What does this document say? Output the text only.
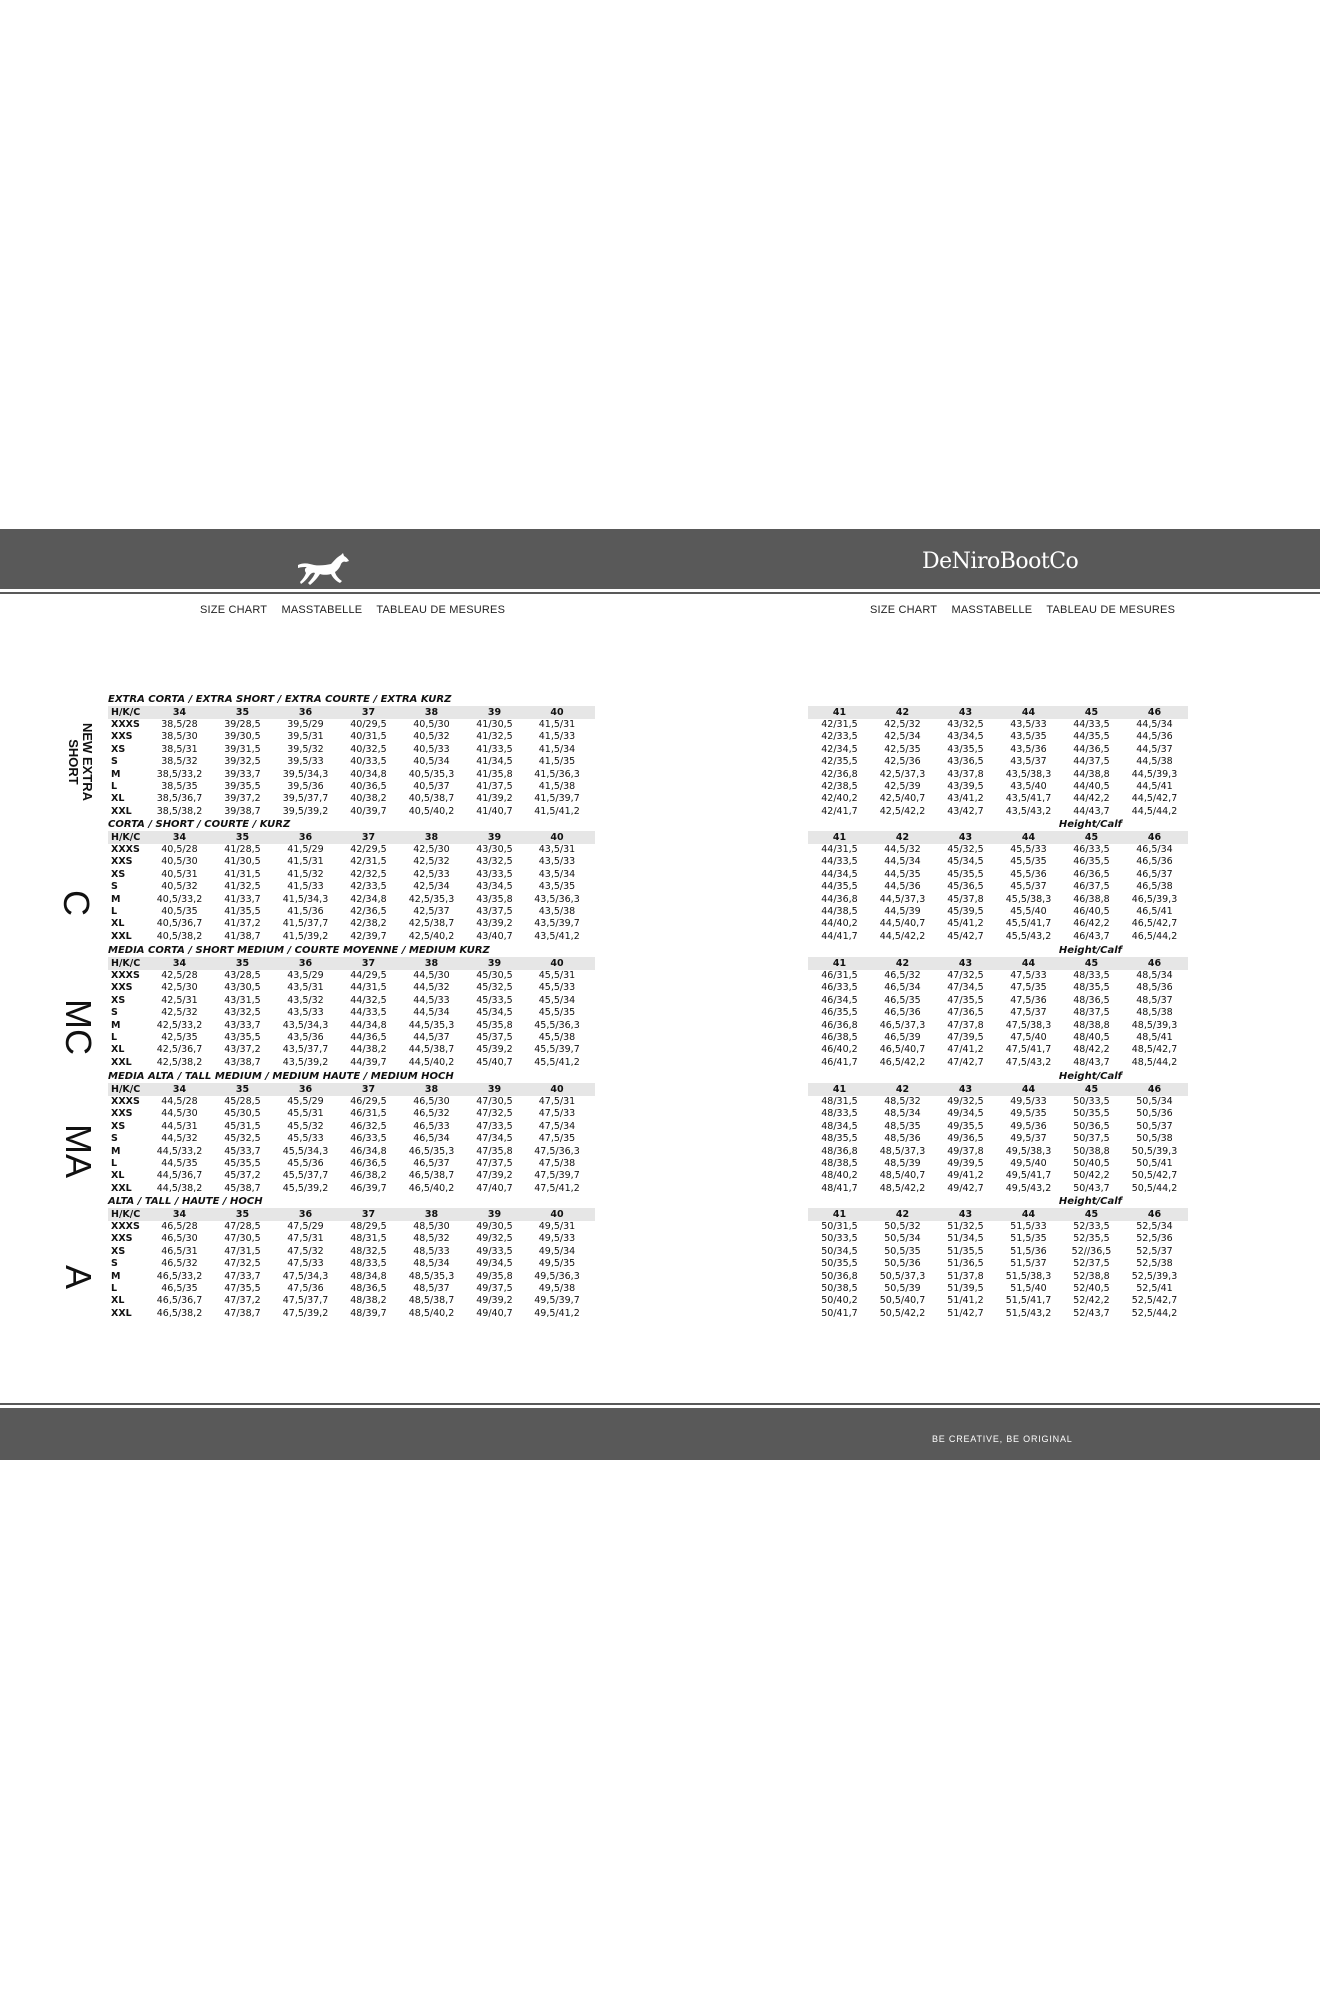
DeNiroBootCo
SIZE CHART MASSTABELLE TABLEAU DE MESURES	SIZE CHART MASSTABELLE TABLEAU DE MESURES
NEW EXTRA SHORT
C
MC
MA
A
EXTRA CORTA / EXTRA SHORT / EXTRA COURTE / EXTRA KURZ
H/K/C	34	35	36	37	38	39	40
XXXS	38,5/28	39/28,5	39,5/29	40/29,5	40,5/30	41/30,5	41,5/31
XXS	38,5/30	39/30,5	39,5/31	40/31,5	40,5/32	41/32,5	41,5/33
XS	38,5/31	39/31,5	39,5/32	40/32,5	40,5/33	41/33,5	41,5/34
S	38,5/32	39/32,5	39,5/33	40/33,5	40,5/34	41/34,5	41,5/35
M	38,5/33,2	39/33,7	39,5/34,3	40/34,8	40,5/35,3	41/35,8	41,5/36,3
L	38,5/35	39/35,5	39,5/36	40/36,5	40,5/37	41/37,5	41,5/38
XL	38,5/36,7	39/37,2	39,5/37,7	40/38,2	40,5/38,7	41/39,2	41,5/39,7
XXL	38,5/38,2	39/38,7	39,5/39,2	40/39,7	40,5/40,2	41/40,7	41,5/41,2
41	42	43	44	45	46
42/31,5	42,5/32	43/32,5	43,5/33	44/33,5	44,5/34
42/33,5	42,5/34	43/34,5	43,5/35	44/35,5	44,5/36
42/34,5	42,5/35	43/35,5	43,5/36	44/36,5	44,5/37
42/35,5	42,5/36	43/36,5	43,5/37	44/37,5	44,5/38
42/36,8	42,5/37,3	43/37,8	43,5/38,3	44/38,8	44,5/39,3
42/38,5	42,5/39	43/39,5	43,5/40	44/40,5	44,5/41
42/40,2	42,5/40,7	43/41,2	43,5/41,7	44/42,2	44,5/42,7
42/41,7	42,5/42,2	43/42,7	43,5/43,2	44/43,7	44,5/44,2
CORTA / SHORT / COURTE / KURZ
H/K/C	34	35	36	37	38	39	40
XXXS	40,5/28	41/28,5	41,5/29	42/29,5	42,5/30	43/30,5	43,5/31
XXS	40,5/30	41/30,5	41,5/31	42/31,5	42,5/32	43/32,5	43,5/33
XS	40,5/31	41/31,5	41,5/32	42/32,5	42,5/33	43/33,5	43,5/34
S	40,5/32	41/32,5	41,5/33	42/33,5	42,5/34	43/34,5	43,5/35
M	40,5/33,2	41/33,7	41,5/34,3	42/34,8	42,5/35,3	43/35,8	43,5/36,3
L	40,5/35	41/35,5	41,5/36	42/36,5	42,5/37	43/37,5	43,5/38
XL	40,5/36,7	41/37,2	41,5/37,7	42/38,2	42,5/38,7	43/39,2	43,5/39,7
XXL	40,5/38,2	41/38,7	41,5/39,2	42/39,7	42,5/40,2	43/40,7	43,5/41,2
Height/Calf
41	42	43	44	45	46
44/31,5	44,5/32	45/32,5	45,5/33	46/33,5	46,5/34
44/33,5	44,5/34	45/34,5	45,5/35	46/35,5	46,5/36
44/34,5	44,5/35	45/35,5	45,5/36	46/36,5	46,5/37
44/35,5	44,5/36	45/36,5	45,5/37	46/37,5	46,5/38
44/36,8	44,5/37,3	45/37,8	45,5/38,3	46/38,8	46,5/39,3
44/38,5	44,5/39	45/39,5	45,5/40	46/40,5	46,5/41
44/40,2	44,5/40,7	45/41,2	45,5/41,7	46/42,2	46,5/42,7
44/41,7	44,5/42,2	45/42,7	45,5/43,2	46/43,7	46,5/44,2
MEDIA CORTA / SHORT MEDIUM / COURTE MOYENNE / MEDIUM KURZ
H/K/C	34	35	36	37	38	39	40
XXXS	42,5/28	43/28,5	43,5/29	44/29,5	44,5/30	45/30,5	45,5/31
XXS	42,5/30	43/30,5	43,5/31	44/31,5	44,5/32	45/32,5	45,5/33
XS	42,5/31	43/31,5	43,5/32	44/32,5	44,5/33	45/33,5	45,5/34
S	42,5/32	43/32,5	43,5/33	44/33,5	44,5/34	45/34,5	45,5/35
M	42,5/33,2	43/33,7	43,5/34,3	44/34,8	44,5/35,3	45/35,8	45,5/36,3
L	42,5/35	43/35,5	43,5/36	44/36,5	44,5/37	45/37,5	45,5/38
XL	42,5/36,7	43/37,2	43,5/37,7	44/38,2	44,5/38,7	45/39,2	45,5/39,7
XXL	42,5/38,2	43/38,7	43,5/39,2	44/39,7	44,5/40,2	45/40,7	45,5/41,2
Height/Calf
41	42	43	44	45	46
46/31,5	46,5/32	47/32,5	47,5/33	48/33,5	48,5/34
46/33,5	46,5/34	47/34,5	47,5/35	48/35,5	48,5/36
46/34,5	46,5/35	47/35,5	47,5/36	48/36,5	48,5/37
46/35,5	46,5/36	47/36,5	47,5/37	48/37,5	48,5/38
46/36,8	46,5/37,3	47/37,8	47,5/38,3	48/38,8	48,5/39,3
46/38,5	46,5/39	47/39,5	47,5/40	48/40,5	48,5/41
46/40,2	46,5/40,7	47/41,2	47,5/41,7	48/42,2	48,5/42,7
46/41,7	46,5/42,2	47/42,7	47,5/43,2	48/43,7	48,5/44,2
MEDIA ALTA / TALL MEDIUM / MEDIUM HAUTE / MEDIUM HOCH
H/K/C	34	35	36	37	38	39	40
XXXS	44,5/28	45/28,5	45,5/29	46/29,5	46,5/30	47/30,5	47,5/31
XXS	44,5/30	45/30,5	45,5/31	46/31,5	46,5/32	47/32,5	47,5/33
XS	44,5/31	45/31,5	45,5/32	46/32,5	46,5/33	47/33,5	47,5/34
S	44,5/32	45/32,5	45,5/33	46/33,5	46,5/34	47/34,5	47,5/35
M	44,5/33,2	45/33,7	45,5/34,3	46/34,8	46,5/35,3	47/35,8	47,5/36,3
L	44,5/35	45/35,5	45,5/36	46/36,5	46,5/37	47/37,5	47,5/38
XL	44,5/36,7	45/37,2	45,5/37,7	46/38,2	46,5/38,7	47/39,2	47,5/39,7
XXL	44,5/38,2	45/38,7	45,5/39,2	46/39,7	46,5/40,2	47/40,7	47,5/41,2
Height/Calf
41	42	43	44	45	46
48/31,5	48,5/32	49/32,5	49,5/33	50/33,5	50,5/34
48/33,5	48,5/34	49/34,5	49,5/35	50/35,5	50,5/36
48/34,5	48,5/35	49/35,5	49,5/36	50/36,5	50,5/37
48/35,5	48,5/36	49/36,5	49,5/37	50/37,5	50,5/38
48/36,8	48,5/37,3	49/37,8	49,5/38,3	50/38,8	50,5/39,3
48/38,5	48,5/39	49/39,5	49,5/40	50/40,5	50,5/41
48/40,2	48,5/40,7	49/41,2	49,5/41,7	50/42,2	50,5/42,7
48/41,7	48,5/42,2	49/42,7	49,5/43,2	50/43,7	50,5/44,2
ALTA / TALL / HAUTE / HOCH
H/K/C	34	35	36	37	38	39	40
XXXS	46,5/28	47/28,5	47,5/29	48/29,5	48,5/30	49/30,5	49,5/31
XXS	46,5/30	47/30,5	47,5/31	48/31,5	48,5/32	49/32,5	49,5/33
XS	46,5/31	47/31,5	47,5/32	48/32,5	48,5/33	49/33,5	49,5/34
S	46,5/32	47/32,5	47,5/33	48/33,5	48,5/34	49/34,5	49,5/35
M	46,5/33,2	47/33,7	47,5/34,3	48/34,8	48,5/35,3	49/35,8	49,5/36,3
L	46,5/35	47/35,5	47,5/36	48/36,5	48,5/37	49/37,5	49,5/38
XL	46,5/36,7	47/37,2	47,5/37,7	48/38,2	48,5/38,7	49/39,2	49,5/39,7
XXL	46,5/38,2	47/38,7	47,5/39,2	48/39,7	48,5/40,2	49/40,7	49,5/41,2
Height/Calf
41	42	43	44	45	46
50/31,5	50,5/32	51/32,5	51,5/33	52/33,5	52,5/34
50/33,5	50,5/34	51/34,5	51,5/35	52/35,5	52,5/36
50/34,5	50,5/35	51/35,5	51,5/36	52//36,5	52,5/37
50/35,5	50,5/36	51/36,5	51,5/37	52/37,5	52,5/38
50/36,8	50,5/37,3	51/37,8	51,5/38,3	52/38,8	52,5/39,3
50/38,5	50,5/39	51/39,5	51,5/40	52/40,5	52,5/41
50/40,2	50,5/40,7	51/41,2	51,5/41,7	52/42,2	52,5/42,7
50/41,7	50,5/42,2	51/42,7	51,5/43,2	52/43,7	52,5/44,2
BE CREATIVE, BE ORIGINAL
